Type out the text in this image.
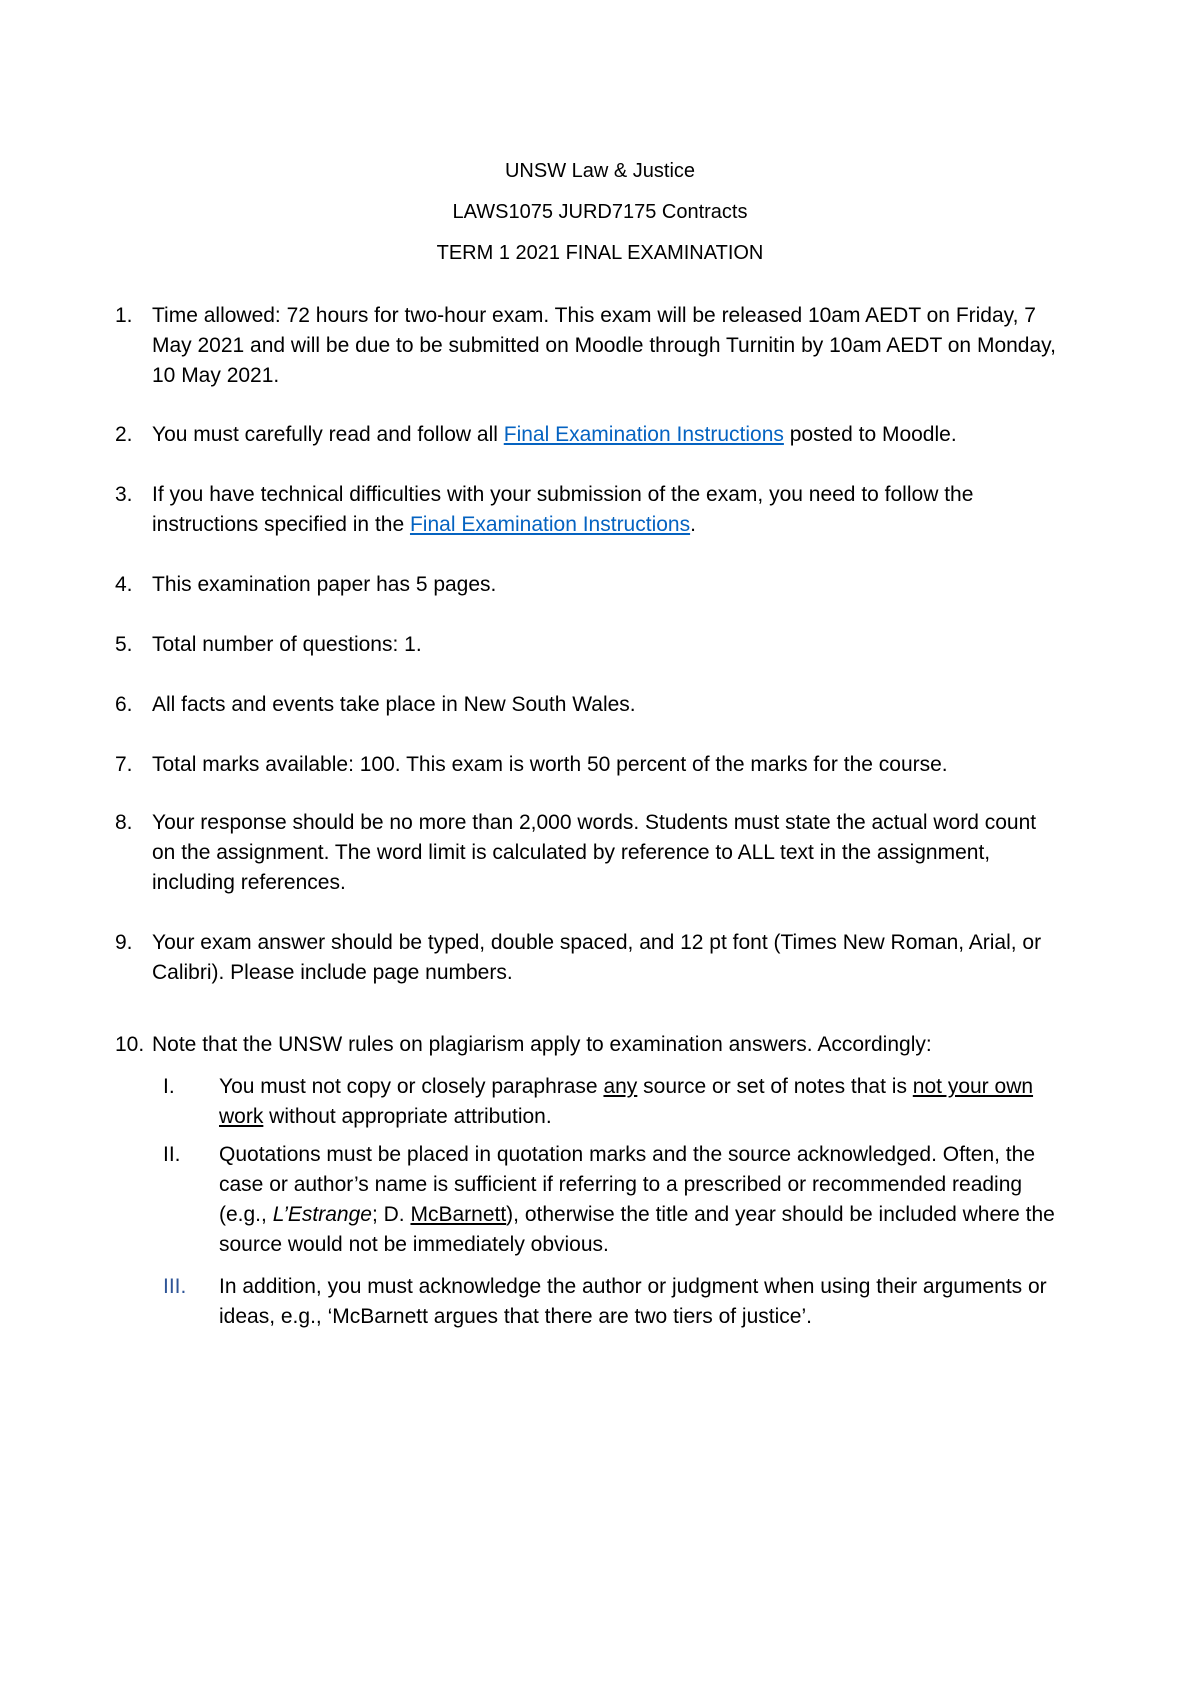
UNSW Law & Justice
LAWS1075 JURD7175 Contracts
TERM 1 2021 FINAL EXAMINATION
1. Time allowed: 72 hours for two-hour exam. This exam will be released 10am AEDT on Friday, 7 May 2021 and will be due to be submitted on Moodle through Turnitin by 10am AEDT on Monday, 10 May 2021.
2. You must carefully read and follow all Final Examination Instructions posted to Moodle.
3. If you have technical difficulties with your submission of the exam, you need to follow the instructions specified in the Final Examination Instructions.
4. This examination paper has 5 pages.
5. Total number of questions: 1.
6. All facts and events take place in New South Wales.
7. Total marks available: 100. This exam is worth 50 percent of the marks for the course.
8. Your response should be no more than 2,000 words. Students must state the actual word count on the assignment. The word limit is calculated by reference to ALL text in the assignment, including references.
9. Your exam answer should be typed, double spaced, and 12 pt font (Times New Roman, Arial, or Calibri). Please include page numbers.
10. Note that the UNSW rules on plagiarism apply to examination answers. Accordingly:
I. You must not copy or closely paraphrase any source or set of notes that is not your own work without appropriate attribution.
II. Quotations must be placed in quotation marks and the source acknowledged. Often, the case or author’s name is sufficient if referring to a prescribed or recommended reading (e.g., L’Estrange; D. McBarnett), otherwise the title and year should be included where the source would not be immediately obvious.
III. In addition, you must acknowledge the author or judgment when using their arguments or ideas, e.g., ‘McBarnett argues that there are two tiers of justice’.
